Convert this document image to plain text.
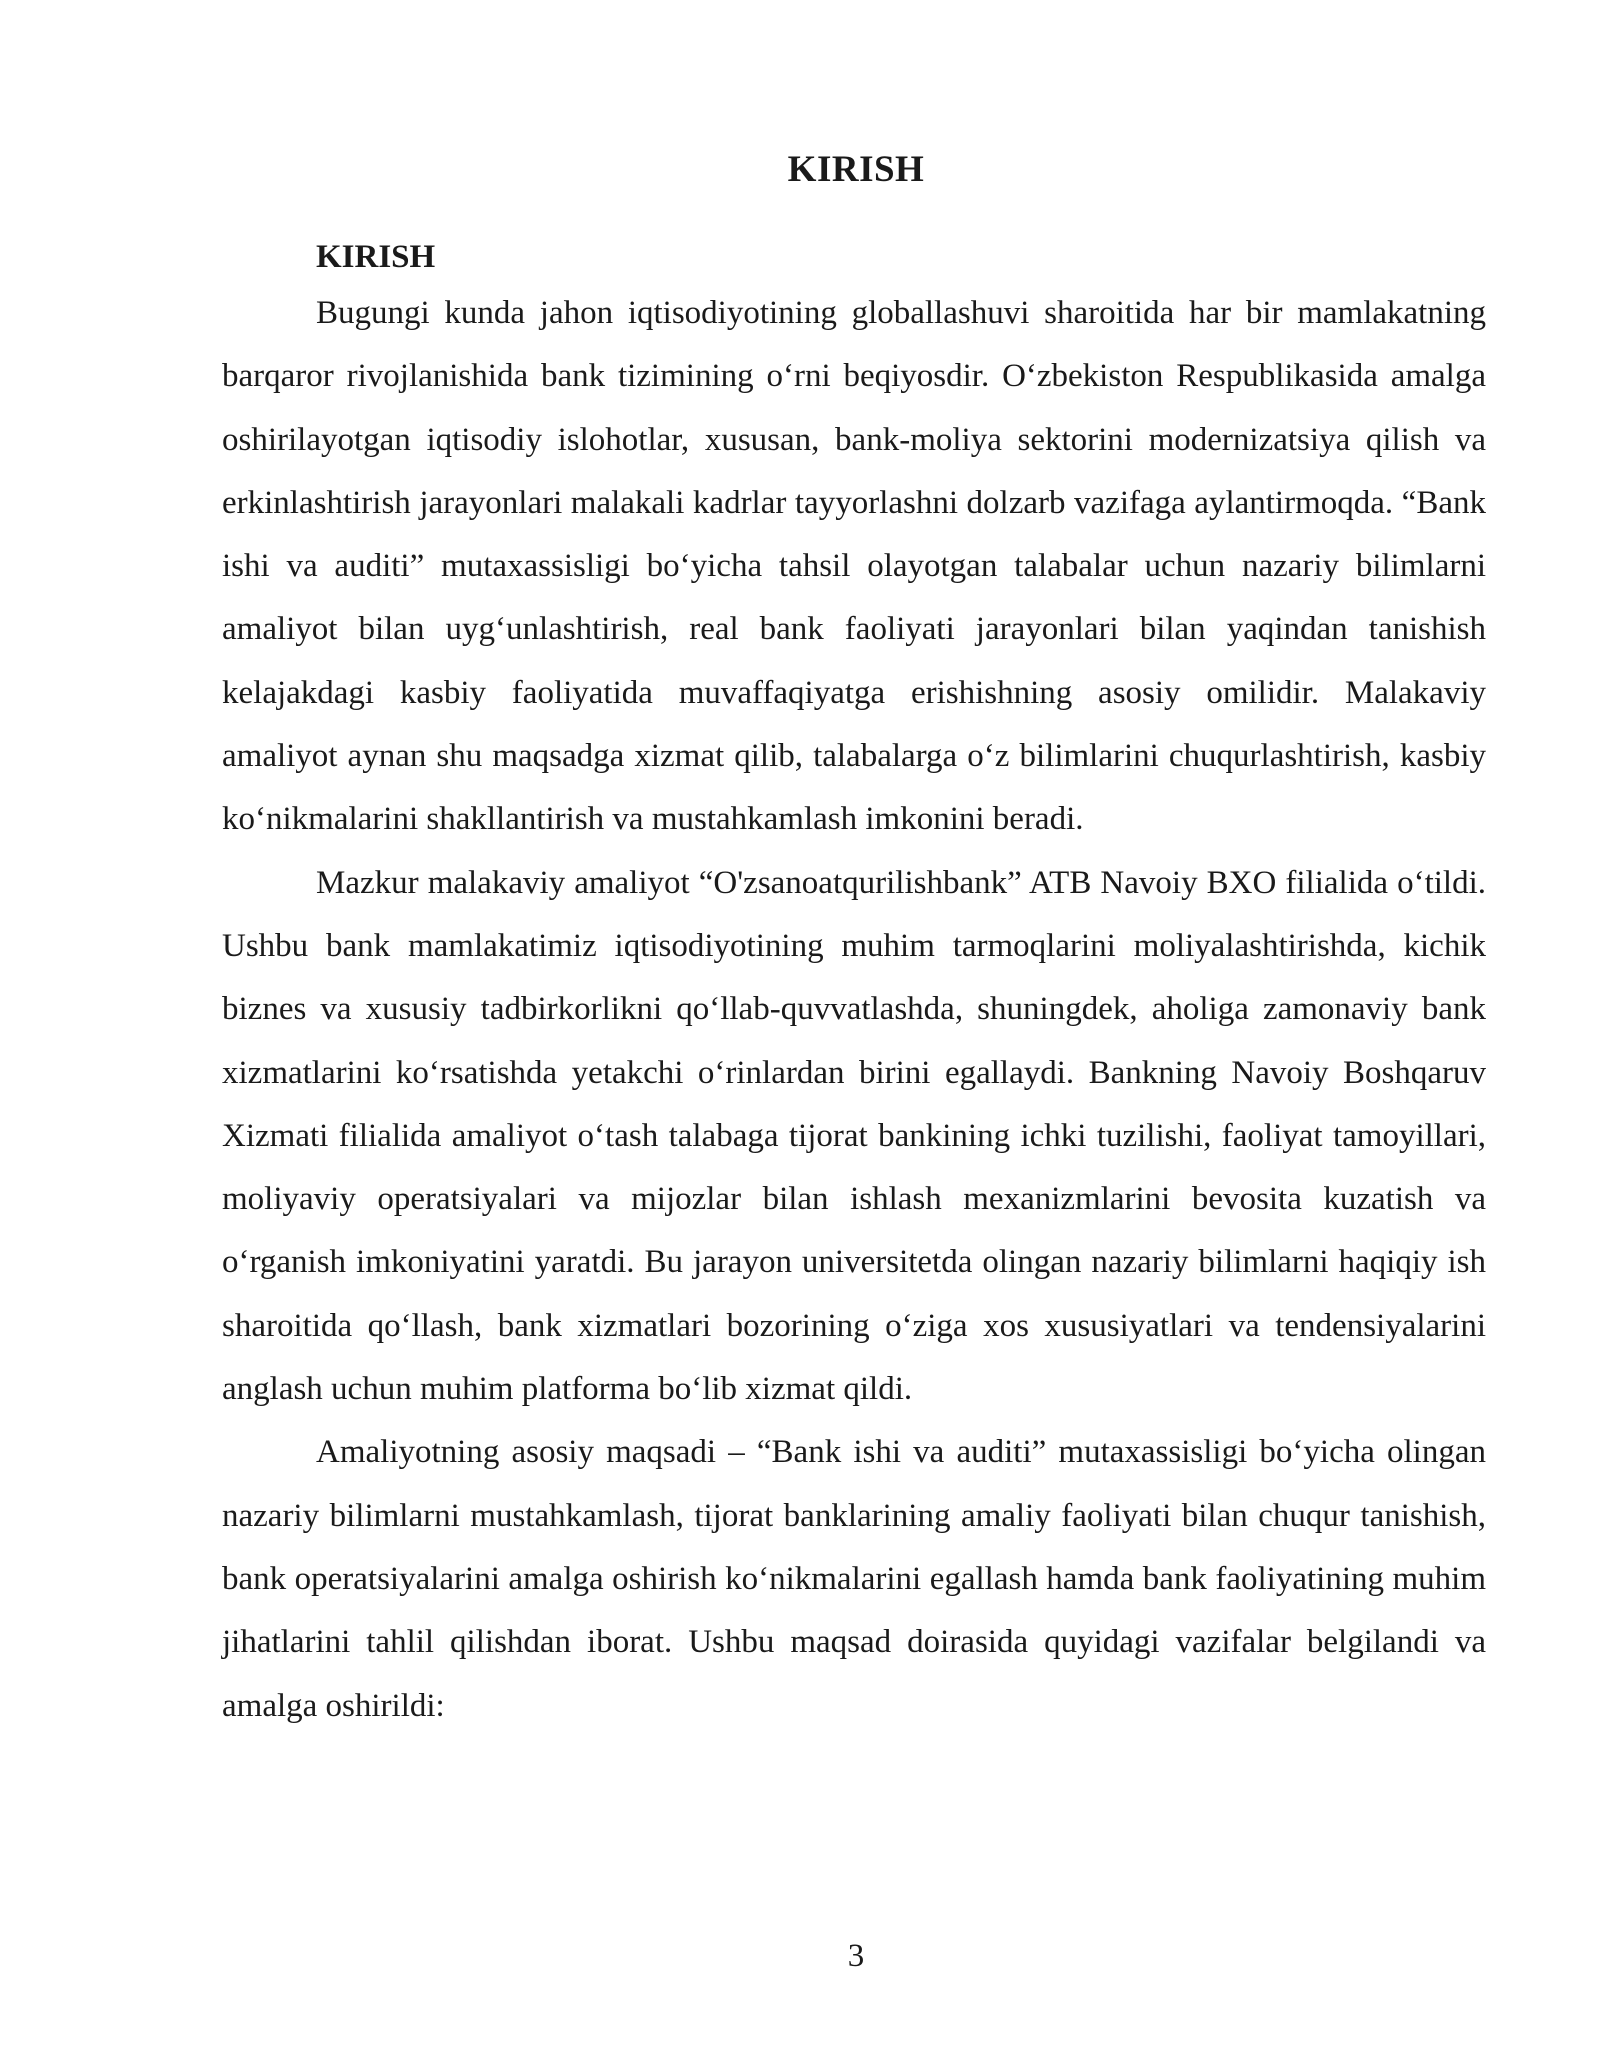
KIRISH

KIRISH

Bugungi kunda jahon iqtisodiyotining globallashuvi sharoitida har bir mamlakatning barqaror rivojlanishida bank tizimining o‘rni beqiyosdir. O‘zbekiston Respublikasida amalga oshirilayotgan iqtisodiy islohotlar, xususan, bank-moliya sektorini modernizatsiya qilish va erkinlashtirish jarayonlari malakali kadrlar tayyorlashni dolzarb vazifaga aylantirmoqda. “Bank ishi va auditi” mutaxassisligi bo‘yicha tahsil olayotgan talabalar uchun nazariy bilimlarni amaliyot bilan uyg‘unlashtirish, real bank faoliyati jarayonlari bilan yaqindan tanishish kelajakdagi kasbiy faoliyatida muvaffaqiyatga erishishning asosiy omilidir. Malakaviy amaliyot aynan shu maqsadga xizmat qilib, talabalarga o‘z bilimlarini chuqurlashtirish, kasbiy ko‘nikmalarini shakllantirish va mustahkamlash imkonini beradi.

Mazkur malakaviy amaliyot “O'zsanoatqurilishbank” ATB Navoiy BXO filialida o‘tildi. Ushbu bank mamlakatimiz iqtisodiyotining muhim tarmoqlarini moliyalashtirishda, kichik biznes va xususiy tadbirkorlikni qo‘llab-quvvatlashda, shuningdek, aholiga zamonaviy bank xizmatlarini ko‘rsatishda yetakchi o‘rinlardan birini egallaydi. Bankning Navoiy Boshqaruv Xizmati filialida amaliyot o‘tash talabaga tijorat bankining ichki tuzilishi, faoliyat tamoyillari, moliyaviy operatsiyalari va mijozlar bilan ishlash mexanizmlarini bevosita kuzatish va o‘rganish imkoniyatini yaratdi. Bu jarayon universitetda olingan nazariy bilimlarni haqiqiy ish sharoitida qo‘llash, bank xizmatlari bozorining o‘ziga xos xususiyatlari va tendensiyalarini anglash uchun muhim platforma bo‘lib xizmat qildi.

Amaliyotning asosiy maqsadi – “Bank ishi va auditi” mutaxassisligi bo‘yicha olingan nazariy bilimlarni mustahkamlash, tijorat banklarining amaliy faoliyati bilan chuqur tanishish, bank operatsiyalarini amalga oshirish ko‘nikmalarini egallash hamda bank faoliyatining muhim jihatlarini tahlil qilishdan iborat. Ushbu maqsad doirasida quyidagi vazifalar belgilandi va amalga oshirildi:

3
